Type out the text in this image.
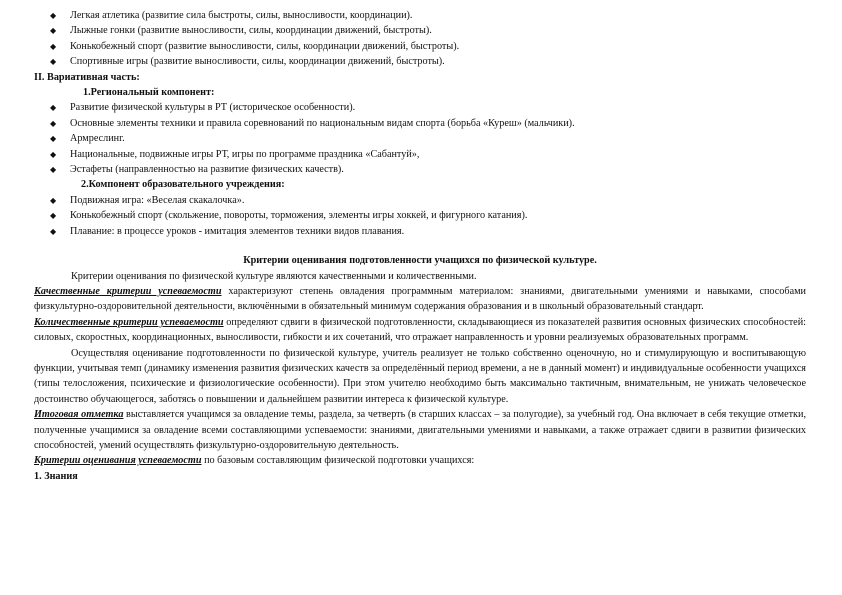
◆ Легкая атлетика (развитие сила быстроты, силы, выносливости, координации).
◆ Лыжные гонки (развитие выносливости, силы, координации движений, быстроты).
◆ Конькобежный спорт (развитие выносливости, силы, координации движений, быстроты).
◆ Спортивные игры (развитие выносливости, силы, координации движений, быстроты).
II. Вариативная часть:
1.Региональный компонент:
◆ Развитие физической культуры в РТ (историческое особенности).
◆ Основные элементы техники и правила соревнований по национальным видам спорта (борьба «Куреш» (мальчики).
◆ Армреслинг.
◆ Национальные, подвижные игры РТ, игры по программе праздника «Сабантуй»,
◆ Эстафеты (направленностью на развитие физических качеств).
2.Компонент образовательного учреждения:
◆ Подвижная игра: «Веселая скакалочка».
◆ Конькобежный спорт (скольжение, повороты, торможения, элементы игры хоккей, и фигурного катания).
◆ Плавание: в процессе уроков - имитация элементов техники видов плавания.
Критерии оценивания подготовленности учащихся по физической культуре.

Критерии оценивания по физической культуре являются качественными и количественными.

Качественные критерии успеваемости характеризуют степень овладения программным материалом: знаниями, двигательными умениями и навыками, способами физкультурно-оздоровительной деятельности, включёнными в обязательный минимум содержания образования и в школьный образовательный стандарт.

Количественные критерии успеваемости определяют сдвиги в физической подготовленности, складывающиеся из показателей развития основных физических способностей: силовых, скоростных, координационных, выносливости, гибкости и их сочетаний, что отражает направленность и уровни реализуемых образовательных программ.

Осуществляя оценивание подготовленности по физической культуре, учитель реализует не только собственно оценочную, но и стимулирующую и воспитывающую функции, учитывая темп (динамику изменения развития физических качеств за определённый период времени, а не в данный момент) и индивидуальные особенности учащихся (типы телосложения, психические и физиологические особенности). При этом учителю необходимо быть максимально тактичным, внимательным, не унижать человеческое достоинство обучающегося, заботясь о повышении и дальнейшем развитии интереса к физической культуре.

Итоговая отметка выставляется учащимся за овладение темы, раздела, за четверть (в старших классах – за полугодие), за учебный год. Она включает в себя текущие отметки, полученные учащимися за овладение всеми составляющими успеваемости: знаниями, двигательными умениями и навыками, а также отражает сдвиги в развитии физических способностей, умений осуществлять физкультурно-оздоровительную деятельность.

Критерии оценивания успеваемости по базовым составляющим физической подготовки учащихся:

1. Знания
